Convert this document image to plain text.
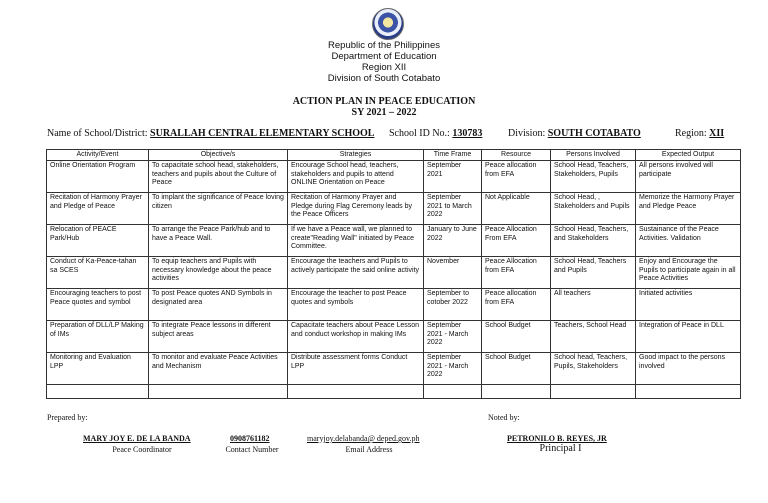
Republic of the Philippines
Department of Education
Region XII
Division of South Cotabato
ACTION PLAN IN PEACE EDUCATION
SY 2021 – 2022
Name of School/District: SURALLAH CENTRAL ELEMENTARY SCHOOL School ID No.: 130783	Division: SOUTH COTABATO	Region: XII
Activity/Event	Objective/s	Strategies	Time Frame	Resource	Persons Involved	Expected Output
Online Orientation Program	To capacitate school head, stakeholders, teachers and pupils about the Culture of Peace	Encourage School head, teachers, stakeholders and pupils to attend ONLINE Orientation on Peace	September 2021	Peace allocation from EFA	School Head, Teachers, Stakeholders, Pupils	All persons involved will participate
Recitation of Harmony Prayer and Pledge of Peace	To implant the significance of Peace loving citizen	Recitation of Harmony Prayer and Pledge during Flag Ceremony leads by the Peace Officers	September 2021 to March 2022	Not Applicable	School Head, , Stakeholders and Pupils	Memorize the Harmony Prayer and Pledge Peace
Relocation of PEACE Park/Hub	To arrange the Peace Park/hub and to have a Peace Wall.	If we have a Peace wall, we planned to create"Reading Wall" initiated by Peace Committee.	January to June 2022	Peace Allocation From EFA	School Head, Teachers, and Stakeholders	Sustainance of the Peace Activities. Validation
Conduct of Ka-Peace-tahan sa SCES	To equip teachers and Pupils with necessary knowledge about the peace activities	Encourage the teachers and Pupils to actively participate the said online activity	November	Peace Allocation from EFA	School Head, Teachers and Pupils	Enjoy and Encourage the Pupils to participate again in all Peace Activities
Encouraging teachers to post Peace quotes and symbol	To post Peace quotes AND Symbols in designated area	Encourage the teacher to post Peace quotes and symbols	September to cotober 2022	Peace allocation from EFA	All teachers	Initiated activities
Preparation of DLL/LP Making of IMs	To integrate Peace lessons in different subject areas	Capacitate teachers about Peace Lesson and conduct workshop in making IMs	September 2021 - March 2022	School Budget	Teachers, School Head	Integration of Peace in DLL
Monitoring and Evaluation LPP	To monitor and evaluate Peace Activities and Mechanism	Distribute assessment forms Conduct LPP	September 2021 - March 2022	School Budget	School head, Teachers, Pupils, Stakeholders	Good impact to the persons involved

Prepared by:	Noted by:
MARY JOY E. DE LA BANDA
Peace Coordinator
0908761182
Contact Number
maryjoy.delabanda@ deped.gov.ph
Email Address
PETRONILO B. REYES, JR
Principal I
